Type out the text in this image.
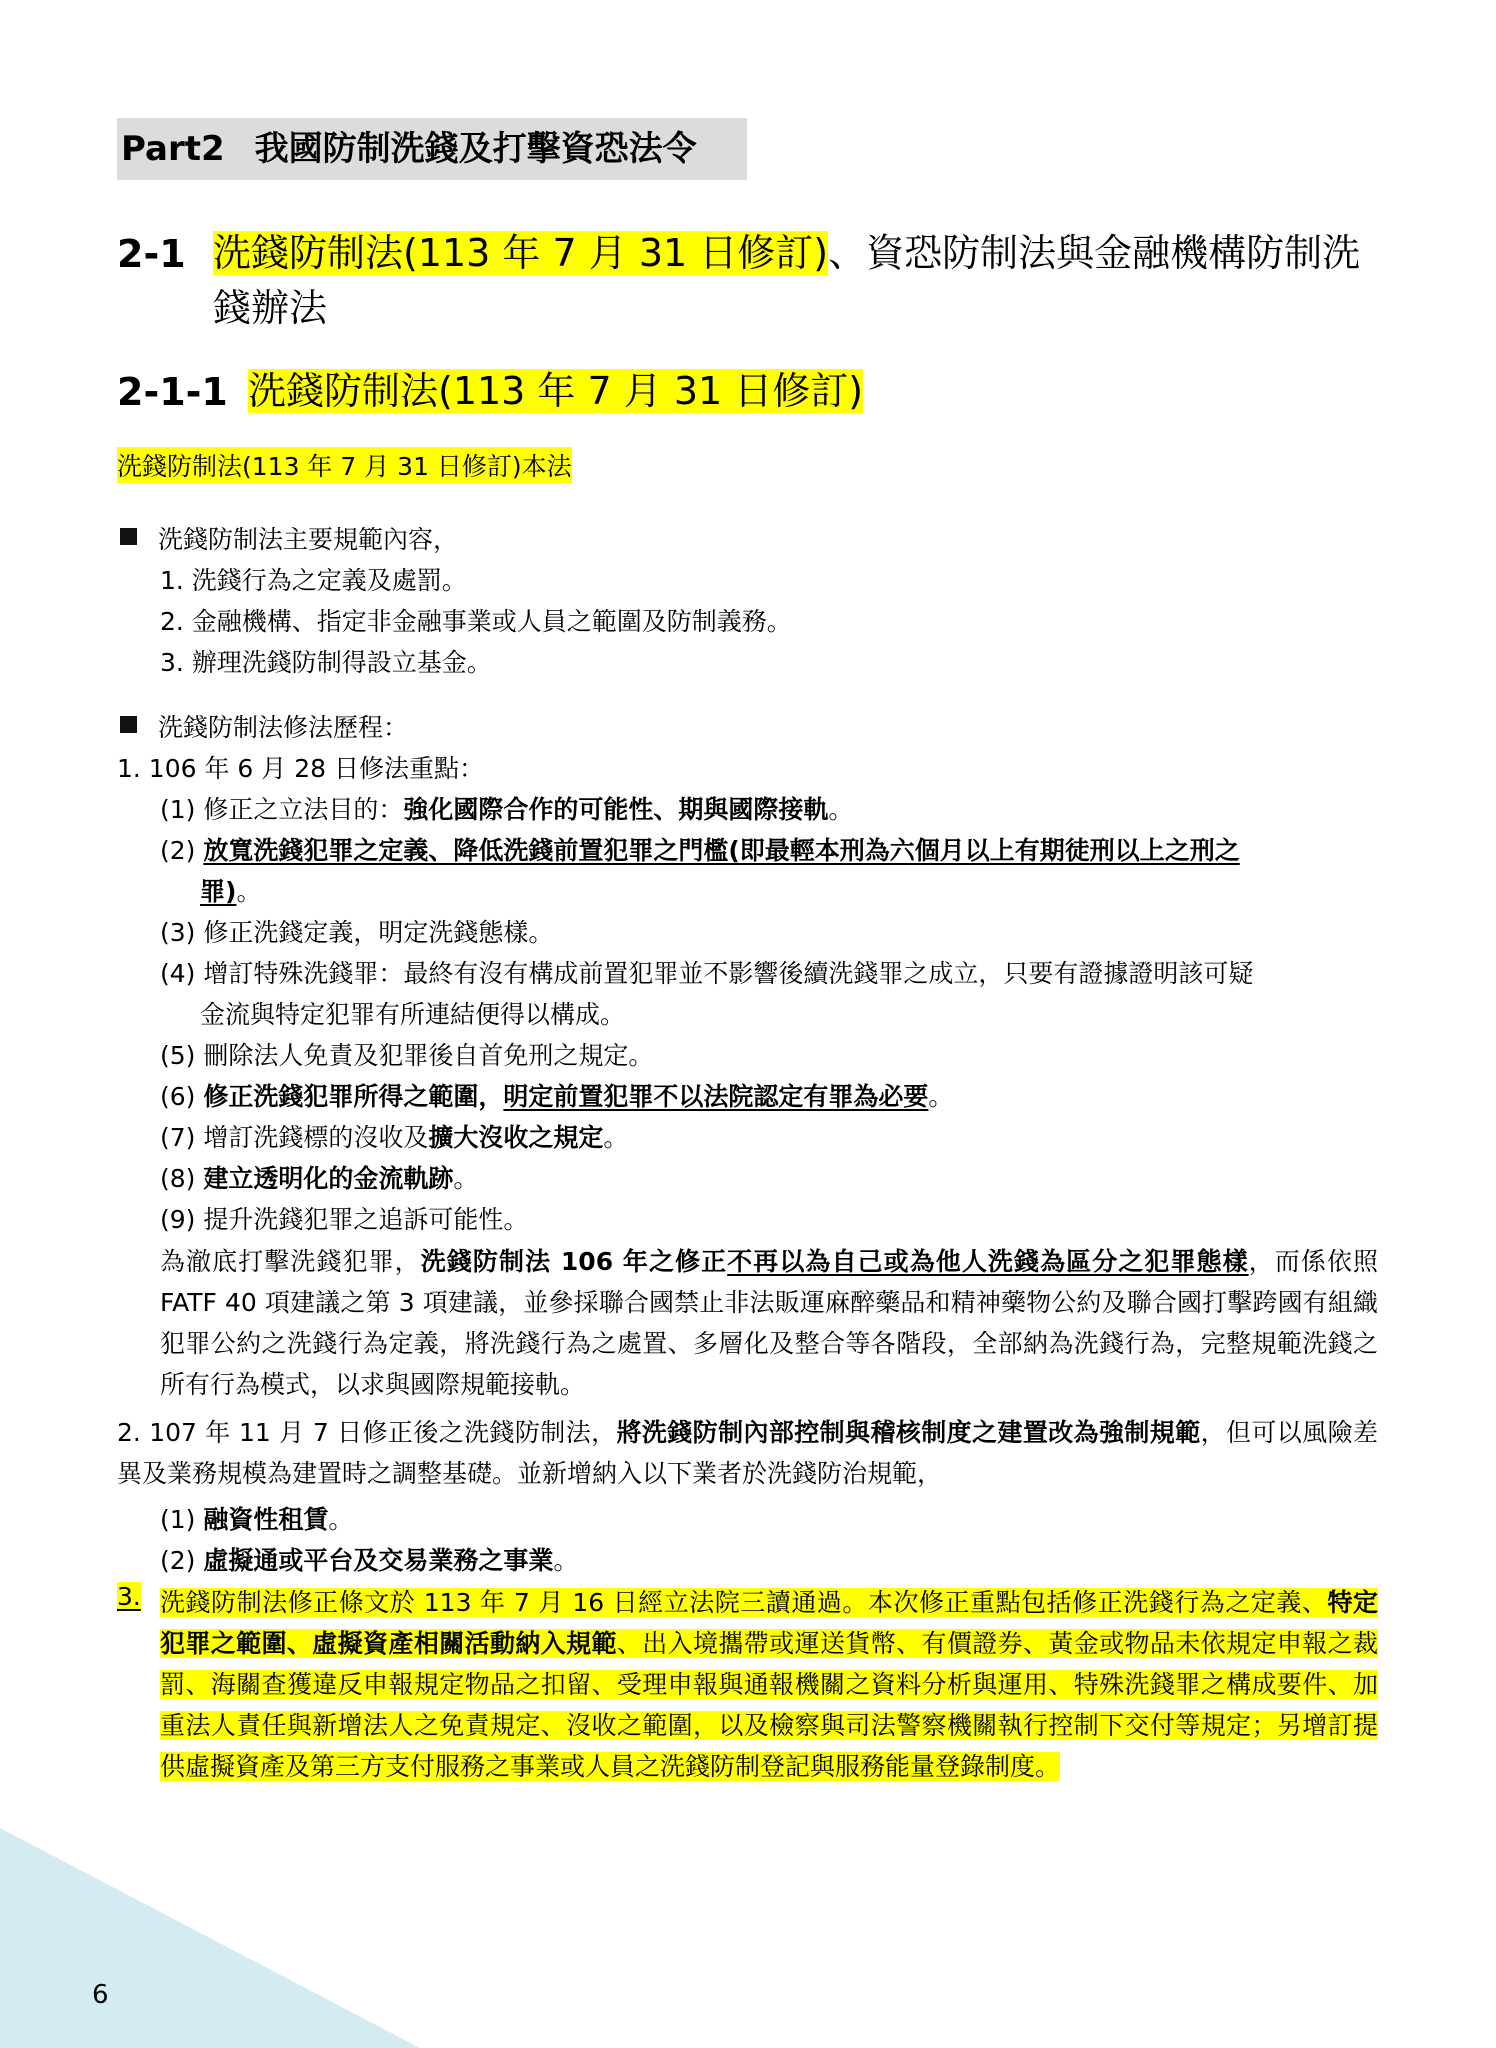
Part2 我國防制洗錢及打擊資恐法令
2-1 洗錢防制法(113 年 7 月 31 日修訂)、資恐防制法與金融機構防制洗
錢辦法
2-1-1 洗錢防制法(113 年 7 月 31 日修訂)
洗錢防制法(113 年 7 月 31 日修訂)本法
洗錢防制法主要規範內容，
1. 洗錢行為之定義及處罰。
2. 金融機構、指定非金融事業或人員之範圍及防制義務。
3. 辦理洗錢防制得設立基金。
洗錢防制法修法歷程：
1. 106 年 6 月 28 日修法重點：
(1) 修正之立法目的：強化國際合作的可能性、期與國際接軌。
(2) 放寬洗錢犯罪之定義、降低洗錢前置犯罪之門檻(即最輕本刑為六個月以上有期徒刑以上之刑之
罪)。
(3) 修正洗錢定義，明定洗錢態樣。
(4) 增訂特殊洗錢罪：最終有沒有構成前置犯罪並不影響後續洗錢罪之成立，只要有證據證明該可疑
金流與特定犯罪有所連結便得以構成。
(5) 刪除法人免責及犯罪後自首免刑之規定。
(6) 修正洗錢犯罪所得之範圍，明定前置犯罪不以法院認定有罪為必要。
(7) 增訂洗錢標的沒收及擴大沒收之規定。
(8) 建立透明化的金流軌跡。
(9) 提升洗錢犯罪之追訴可能性。
為澈底打擊洗錢犯罪，洗錢防制法 106 年之修正不再以為自己或為他人洗錢為區分之犯罪態樣，而係依照 FATF 40 項建議之第 3 項建議，並參採聯合國禁止非法販運麻醉藥品和精神藥物公約及聯合國打擊跨國有組織犯罪公約之洗錢行為定義，將洗錢行為之處置、多層化及整合等各階段，全部納為洗錢行為，完整規範洗錢之所有行為模式，以求與國際規範接軌。
2. 107 年 11 月 7 日修正後之洗錢防制法，將洗錢防制內部控制與稽核制度之建置改為強制規範，但可以風險差異及業務規模為建置時之調整基礎。並新增納入以下業者於洗錢防治規範，
(1) 融資性租賃。
(2) 虛擬通或平台及交易業務之事業。
3. 洗錢防制法修正條文於 113 年 7 月 16 日經立法院三讀通過。本次修正重點包括修正洗錢行為之定義、特定犯罪之範圍、虛擬資產相關活動納入規範、出入境攜帶或運送貨幣、有價證券、黃金或物品未依規定申報之裁罰、海關查獲違反申報規定物品之扣留、受理申報與通報機關之資料分析與運用、特殊洗錢罪之構成要件、加重法人責任與新增法人之免責規定、沒收之範圍，以及檢察與司法警察機關執行控制下交付等規定；另增訂提供虛擬資產及第三方支付服務之事業或人員之洗錢防制登記與服務能量登錄制度。
6
